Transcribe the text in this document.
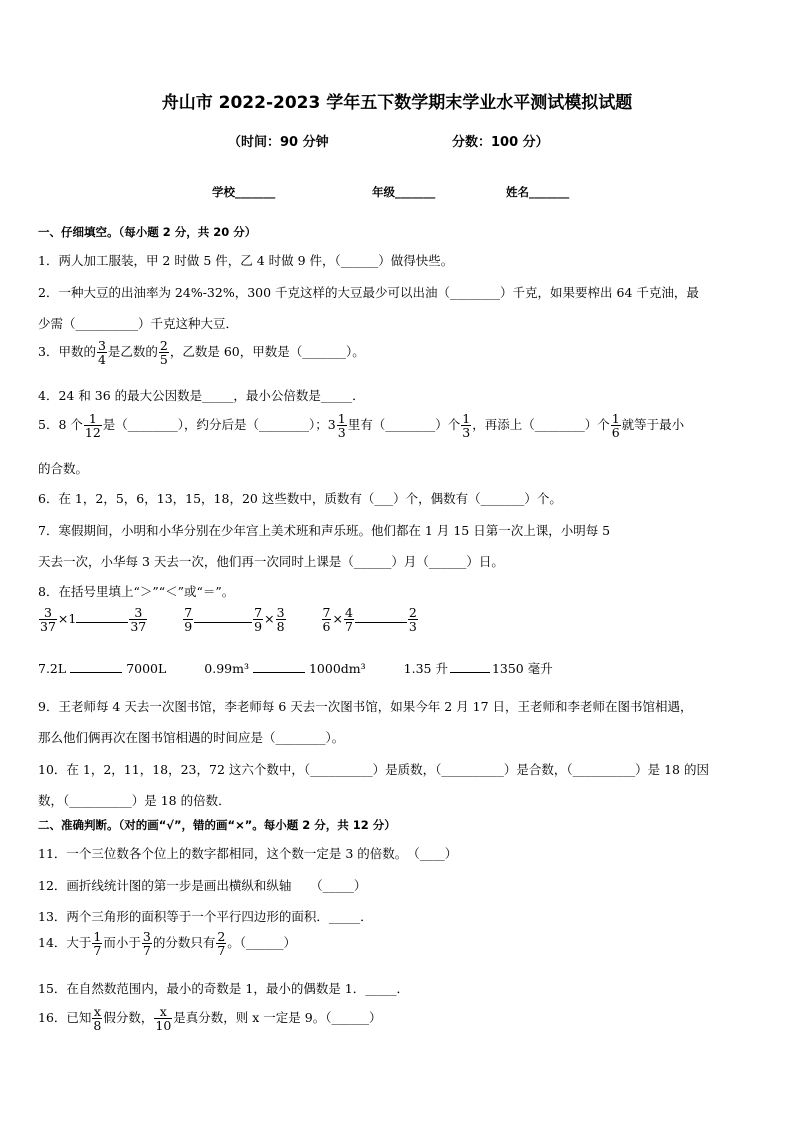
舟山市 2022-2023 学年五下数学期末学业水平测试模拟试题
（时间：90 分钟	分数：100 分）
学校_______	年级_______	姓名_______
一、仔细填空。（每小题 2 分，共 20 分）
1．两人加工服装，甲 2 时做 5 件，乙 4 时做 9 件，（______）做得快些。
2．一种大豆的出油率为 24%-32%，300 千克这样的大豆最少可以出油（________）千克，如果要榨出 64 千克油，最
少需（__________）千克这种大豆．
3．甲数的 $\frac{3}{4}$ 是乙数的 $\frac{2}{5}$ ，乙数是 60，甲数是（_______）。
4．24 和 36 的最大公因数是_____，最小公倍数是_____．
5．8 个 $\frac{1}{12}$ 是（________），约分后是（________）；$3 \frac{1}{3}$ 里有（________）个 $\frac{1}{3}$ ，再添上（________）个 $\frac{1}{6}$ 就等于最小
的合数。
6．在 1，2，5，6，13，15，18，20 这些数中，质数有（___）个，偶数有（_______）个。
7．寒假期间，小明和小华分别在少年宫上美术班和声乐班。他们都在 1 月 15 日第一次上课，小明每 5
天去一次，小华每 3 天去一次，他们再一次同时上课是（______）月（______）日。
8．在括号里填上“＞”“＜”或“＝”。
$\frac{3}{37} \times 1$	$\frac{3}{37}$
	$\frac{7}{9}$	$\frac{7}{9} \times \frac{3}{8}$
	$\frac{7}{6} \times \frac{4}{7}$	$\frac{2}{3}$
7.2L	7000L	0.99m³	1000dm³	1.35 升	1350 毫升
9．王老师每 4 天去一次图书馆，李老师每 6 天去一次图书馆，如果今年 2 月 17 日，王老师和李老师在图书馆相遇，
那么他们俩再次在图书馆相遇的时间应是（________）。
10．在 1，2，11，18，23，72 这六个数中，（__________）是质数，（__________）是合数，（__________）是 18 的因
数，（__________）是 18 的倍数．
二、准确判断。（对的画“√”，错的画“×”。每小题 2 分，共 12 分）
11．一个三位数各个位上的数字都相同，这个数一定是 3 的倍数。　（____）
12．画折线统计图的第一步是画出横纵和纵轴　　（_____）
13．两个三角形的面积等于一个平行四边形的面积．_____．
14．大于 $\frac{1}{7}$ 而小于 $\frac{3}{7}$ 的分数只有 $\frac{2}{7}$ 。（______）
15．在自然数范围内，最小的奇数是 1，最小的偶数是 1．_____．
16．已知 $\frac{x}{8}$ 假分数， $\frac{x}{10}$ 是真分数，则 x 一定是 9。（______）
